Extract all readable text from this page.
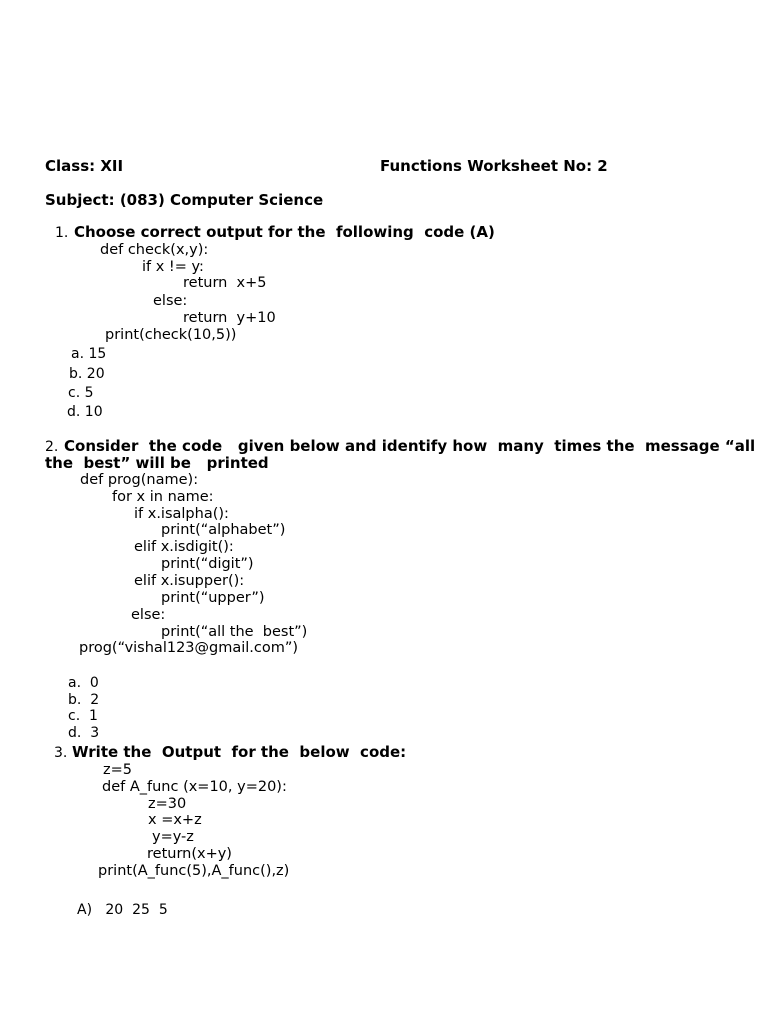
Class: XII	Functions Worksheet No: 2
Subject: (083) Computer Science
1. Choose correct output for the  following  code (A)
def check(x,y):
if x != y:
return  x+5
else:
return  y+10
print(check(10,5))
a. 15
b. 20
c. 5
d. 10
2. Consider  the code   given below and identify how  many  times the  message “all
the  best” will be   printed
def prog(name):
for x in name:
if x.isalpha():
print(“alphabet”)
elif x.isdigit():
print(“digit”)
elif x.isupper():
print(“upper”)
else:
print(“all the  best”)
prog(“vishal123@gmail.com”)
a.  0
b.  2
c.  1
d.  3
3. Write the  Output  for the  below  code:
z=5
def A_func (x=10, y=20):
z=30
x =x+z
y=y-z
return(x+y)
print(A_func(5),A_func(),z)
A)   20  25  5
